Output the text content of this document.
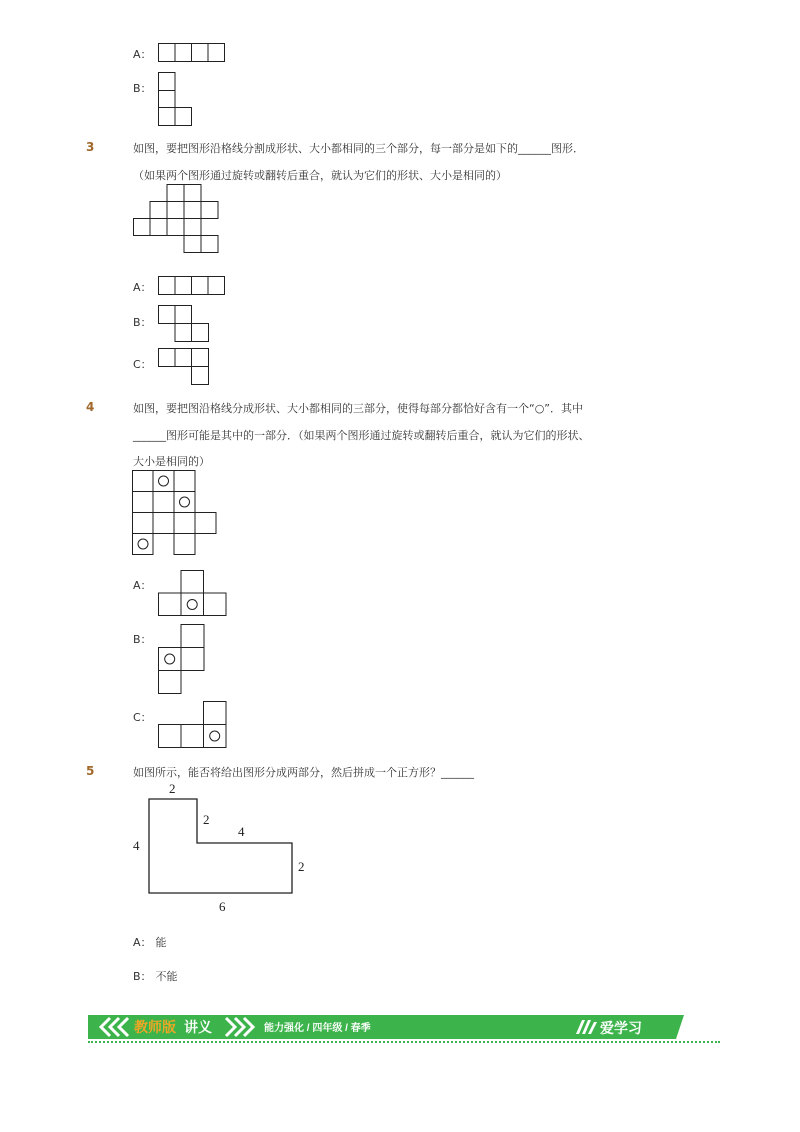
A：
B：
3	如图，要把图形沿格线分割成形状、大小都相同的三个部分，每一部分是如下的______图形．
（如果两个图形通过旋转或翻转后重合，就认为它们的形状、大小是相同的）
A：
B：
C：
4	如图，要把图沿格线分成形状、大小都相同的三部分，使得每部分都恰好含有一个“○”．其中
______图形可能是其中的一部分．（如果两个图形通过旋转或翻转后重合，就认为它们的形状、
大小是相同的）
A：
B：
C：
5	如图所示，能否将给出图形分成两部分，然后拼成一个正方形？______
2
2
4
4
2
6
A： 能
B： 不能
教师版 讲义	能力强化 / 四年级 / 春季	爱学习
